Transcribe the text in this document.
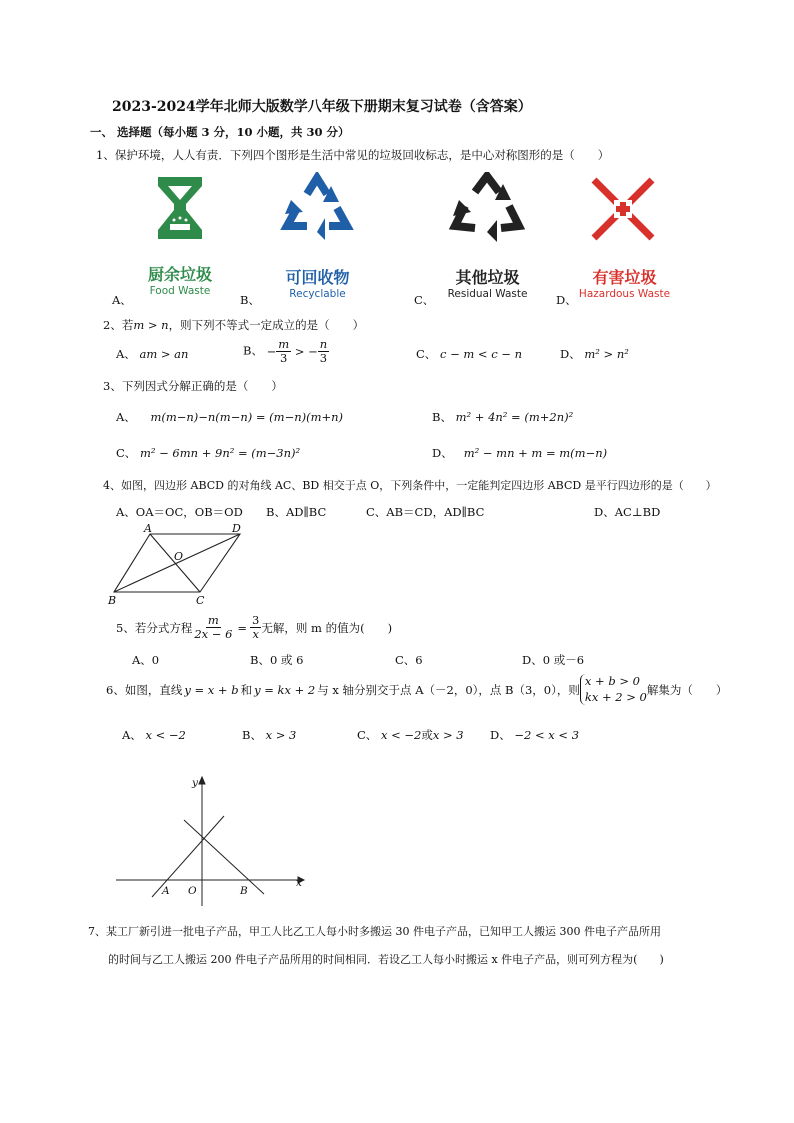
2023-2024学年北师大版数学八年级下册期末复习试卷（含答案）
一、 选择题（每小题 3 分，10 小题，共 30 分）
1、保护环境，人人有责．下列四个图形是生活中常见的垃圾回收标志，是中心对称图形的是（　　）
厨余垃圾
Food Waste
A、
可回收物
Recyclable
B、
其他垃圾
Residual Waste
C、
有害垃圾
Hazardous Waste
D、
2、若m > n，则下列不等式一定成立的是（　　）
A、 am > an	B、 − $\frac{m}{3}$ > − $\frac{n}{3}$	C、 c − m < c − n	D、 m² > n²
3、下列因式分解正确的是（　　）
A、 m(m−n)−n(m−n) = (m−n)(m+n)	B、 m² + 4n² = (m+2n)²
C、 m² − 6mn + 9n² = (m−3n)²	D、 m² − mn + m = m(m−n)
4、如图，四边形 ABCD 的对角线 AC、BD 相交于点 O，下列条件中，一定能判定四边形 ABCD 是平行四边形的是（　　）
A、OA＝OC，OB＝OD B、AD∥BC	C、AB＝CD，AD∥BC	D、AC⊥BD
A	D
O
B	C
5、若分式方程 $\frac{m}{2x - 6} = \frac{3}{x}$ 无解，则 m 的值为(　　)
A、0	B、0 或 6	C、6	D、0 或－6
6、如图，直线 y = x + b 和 y = kx + 2 与 x 轴分别交于点 A（－2，0），点 B（3，0），则
x + b > 0
kx + 2 > 0 解集为（　　）
A、 x < −2	B、 x > 3	C、 x < −2或x > 3 D、 −2 < x < 3
y
x
A O	B
7、某工厂新引进一批电子产品，甲工人比乙工人每小时多搬运 30 件电子产品，已知甲工人搬运 300 件电子产品所用
的时间与乙工人搬运 200 件电子产品所用的时间相同．若设乙工人每小时搬运 x 件电子产品，则可列方程为(　　)
